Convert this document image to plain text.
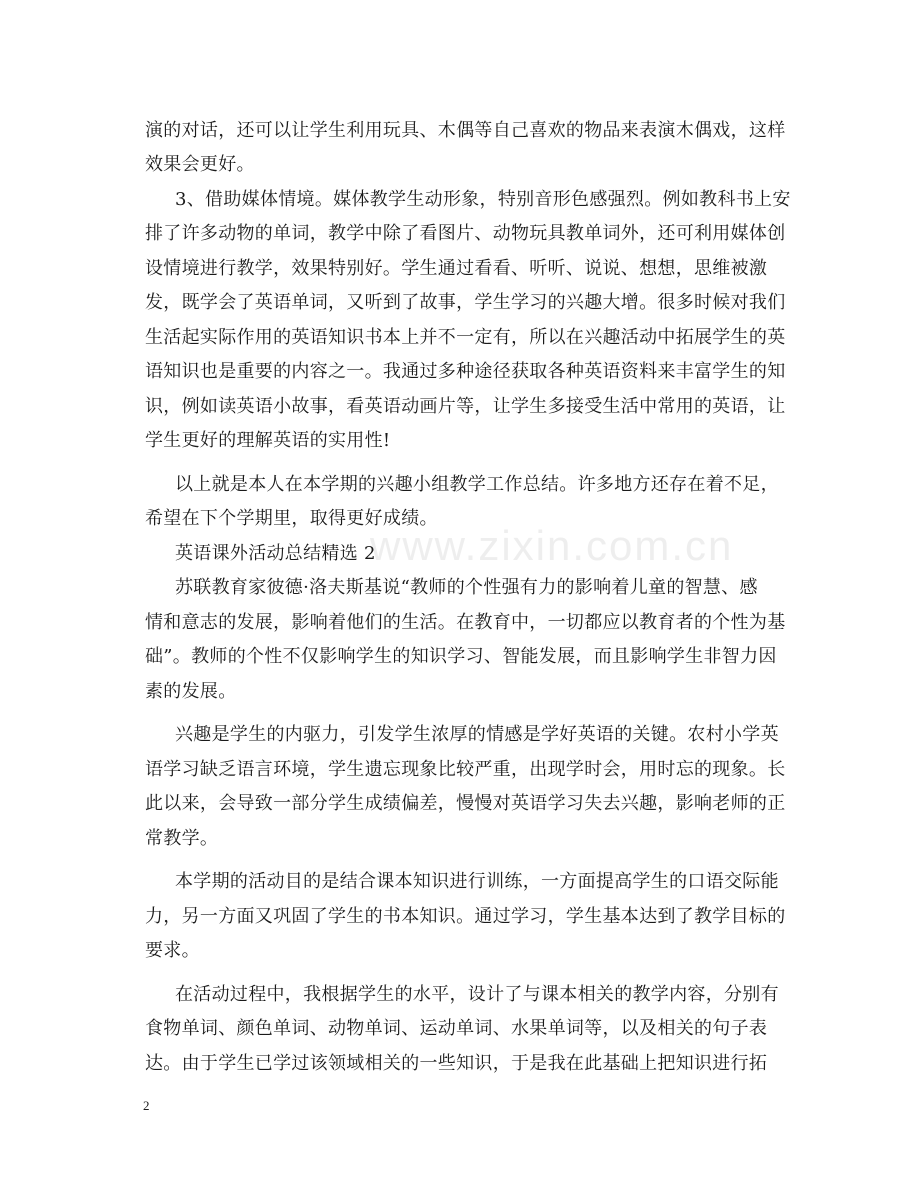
www.zixin.com.cn
演的对话，还可以让学生利用玩具、木偶等自己喜欢的物品来表演木偶戏，这样
效果会更好。
3、借助媒体情境。媒体教学生动形象，特别音形色感强烈。例如教科书上安
排了许多动物的单词，教学中除了看图片、动物玩具教单词外，还可利用媒体创
设情境进行教学，效果特别好。学生通过看看、听听、说说、想想，思维被激
发，既学会了英语单词，又听到了故事，学生学习的兴趣大增。很多时候对我们
生活起实际作用的英语知识书本上并不一定有，所以在兴趣活动中拓展学生的英
语知识也是重要的内容之一。我通过多种途径获取各种英语资料来丰富学生的知
识，例如读英语小故事，看英语动画片等，让学生多接受生活中常用的英语，让
学生更好的理解英语的实用性!
以上就是本人在本学期的兴趣小组教学工作总结。许多地方还存在着不足，
希望在下个学期里，取得更好成绩。
英语课外活动总结精选 2
苏联教育家彼德·洛夫斯基说“教师的个性强有力的影响着儿童的智慧、感
情和意志的发展，影响着他们的生活。在教育中，一切都应以教育者的个性为基
础”。教师的个性不仅影响学生的知识学习、智能发展，而且影响学生非智力因
素的发展。
兴趣是学生的内驱力，引发学生浓厚的情感是学好英语的关键。农村小学英
语学习缺乏语言环境，学生遗忘现象比较严重，出现学时会，用时忘的现象。长
此以来，会导致一部分学生成绩偏差，慢慢对英语学习失去兴趣，影响老师的正
常教学。
本学期的活动目的是结合课本知识进行训练，一方面提高学生的口语交际能
力，另一方面又巩固了学生的书本知识。通过学习，学生基本达到了教学目标的
要求。
在活动过程中，我根据学生的水平，设计了与课本相关的教学内容，分别有
食物单词、颜色单词、动物单词、运动单词、水果单词等，以及相关的句子表
达。由于学生已学过该领域相关的一些知识，于是我在此基础上把知识进行拓
2
